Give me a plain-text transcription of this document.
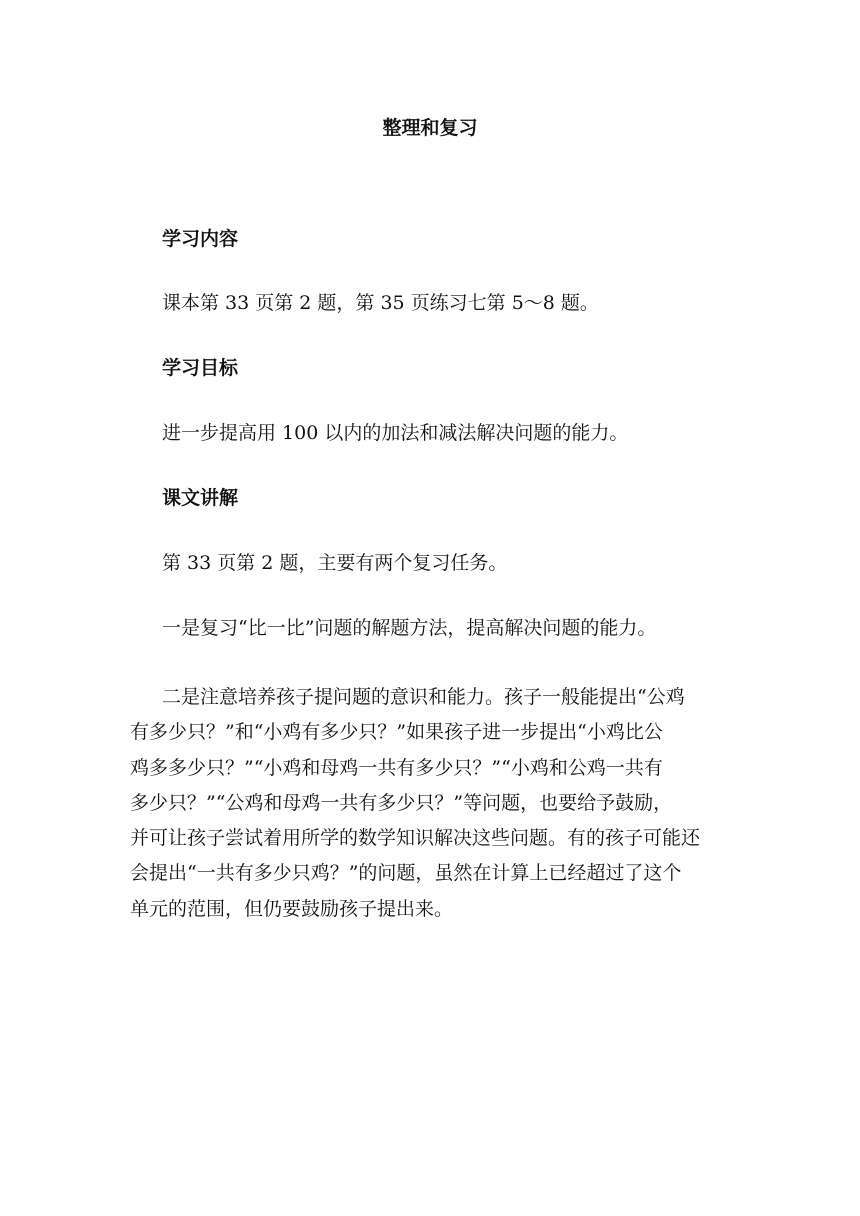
整理和复习
学习内容
课本第 33 页第 2 题，第 35 页练习七第 5～8 题。
学习目标
进一步提高用 100 以内的加法和减法解决问题的能力。
课文讲解
第 33 页第 2 题，主要有两个复习任务。
一是复习“比一比”问题的解题方法，提高解决问题的能力。
二是注意培养孩子提问题的意识和能力。孩子一般能提出“公鸡
有多少只？”和“小鸡有多少只？”如果孩子进一步提出“小鸡比公
鸡多多少只？”“小鸡和母鸡一共有多少只？”“小鸡和公鸡一共有
多少只？”“公鸡和母鸡一共有多少只？”等问题，也要给予鼓励，
并可让孩子尝试着用所学的数学知识解决这些问题。有的孩子可能还
会提出“一共有多少只鸡？”的问题，虽然在计算上已经超过了这个
单元的范围，但仍要鼓励孩子提出来。
